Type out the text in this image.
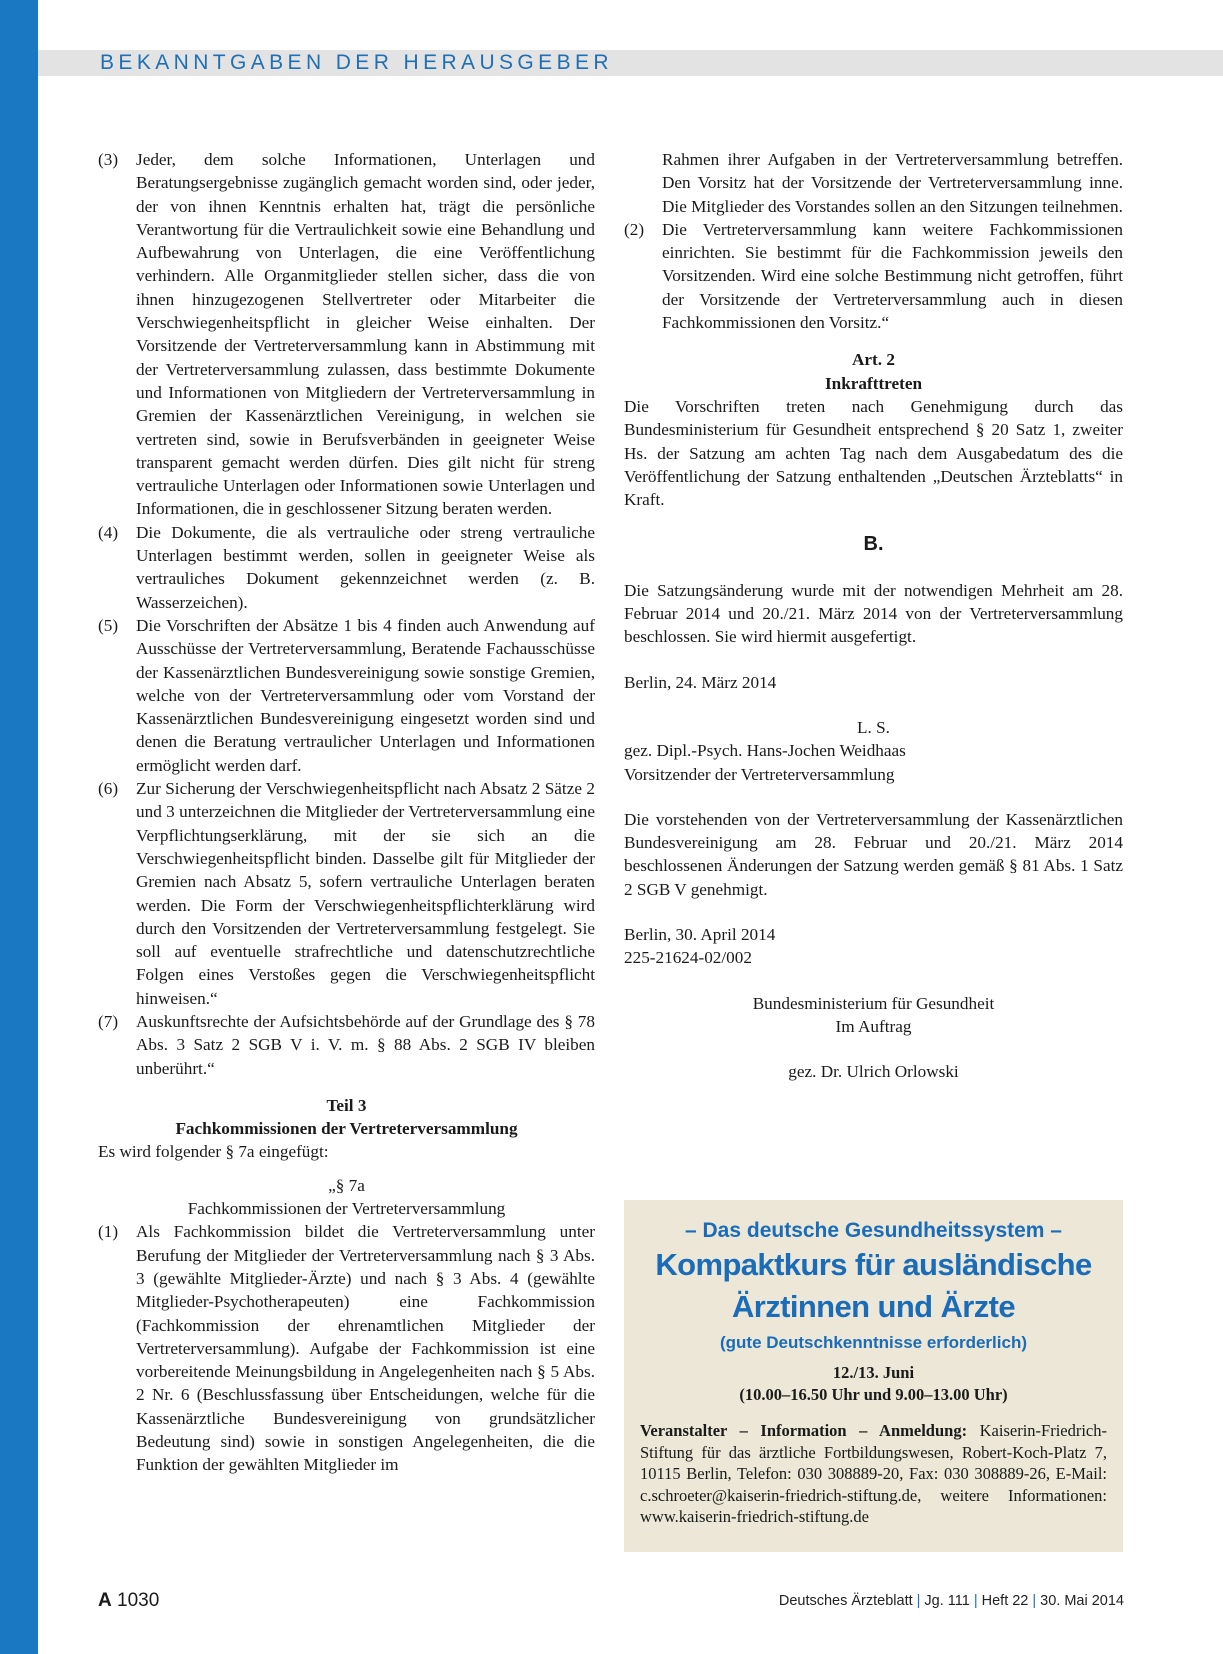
BEKANNTGABEN DER HERAUSGEBER
(3)	Jeder, dem solche Informationen, Unterlagen und Beratungsergebnisse zugänglich gemacht worden sind, oder jeder, der von ihnen Kenntnis erhalten hat, trägt die persönliche Verantwortung für die Vertraulichkeit sowie eine Behandlung und Aufbewahrung von Unterlagen, die eine Veröffentlichung verhindern. Alle Organmitglieder stellen sicher, dass die von ihnen hinzugezogenen Stellvertreter oder Mitarbeiter die Verschwiegenheitspflicht in gleicher Weise einhalten. Der Vorsitzende der Vertreterversammlung kann in Abstimmung mit der Vertreterversammlung zulassen, dass bestimmte Dokumente und Informationen von Mitgliedern der Vertreterversammlung in Gremien der Kassenärztlichen Vereinigung, in welchen sie vertreten sind, sowie in Berufsverbänden in geeigneter Weise transparent gemacht werden dürfen. Dies gilt nicht für streng vertrauliche Unterlagen oder Informationen sowie Unterlagen und Informationen, die in geschlossener Sitzung beraten werden.
(4)	Die Dokumente, die als vertrauliche oder streng vertrauliche Unterlagen bestimmt werden, sollen in geeigneter Weise als vertrauliches Dokument gekennzeichnet werden (z. B. Wasserzeichen).
(5)	Die Vorschriften der Absätze 1 bis 4 finden auch Anwendung auf Ausschüsse der Vertreterversammlung, Beratende Fachausschüsse der Kassenärztlichen Bundesvereinigung sowie sonstige Gremien, welche von der Vertreterversammlung oder vom Vorstand der Kassenärztlichen Bundesvereinigung eingesetzt worden sind und denen die Beratung vertraulicher Unterlagen und Informationen ermöglicht werden darf.
(6)	Zur Sicherung der Verschwiegenheitspflicht nach Absatz 2 Sätze 2 und 3 unterzeichnen die Mitglieder der Vertreterversammlung eine Verpflichtungserklärung, mit der sie sich an die Verschwiegenheitspflicht binden. Dasselbe gilt für Mitglieder der Gremien nach Absatz 5, sofern vertrauliche Unterlagen beraten werden. Die Form der Verschwiegenheitspflichterklärung wird durch den Vorsitzenden der Vertreterversammlung festgelegt. Sie soll auf eventuelle strafrechtliche und datenschutzrechtliche Folgen eines Verstoßes gegen die Verschwiegenheitspflicht hinweisen.“
(7)	Auskunftsrechte der Aufsichtsbehörde auf der Grundlage des § 78 Abs. 3 Satz 2 SGB V i. V. m. § 88 Abs. 2 SGB IV bleiben unberührt.“
Teil 3
Fachkommissionen der Vertreterversammlung
Es wird folgender § 7a eingefügt:
„§ 7a
Fachkommissionen der Vertreterversammlung
(1)	Als Fachkommission bildet die Vertreterversammlung unter Berufung der Mitglieder der Vertreterversammlung nach § 3 Abs. 3 (gewählte Mitglieder-Ärzte) und nach § 3 Abs. 4 (gewählte Mitglieder-Psychotherapeuten) eine Fachkommission (Fachkommission der ehrenamtlichen Mitglieder der Vertreterversammlung). Aufgabe der Fachkommission ist eine vorbereitende Meinungsbildung in Angelegenheiten nach § 5 Abs. 2 Nr. 6 (Beschlussfassung über Entscheidungen, welche für die Kassenärztliche Bundesvereinigung von grundsätzlicher Bedeutung sind) sowie in sonstigen Angelegenheiten, die die Funktion der gewählten Mitglieder im
Rahmen ihrer Aufgaben in der Vertreterversammlung betreffen. Den Vorsitz hat der Vorsitzende der Vertreterversammlung inne. Die Mitglieder des Vorstandes sollen an den Sitzungen teilnehmen.
(2)	Die Vertreterversammlung kann weitere Fachkommissionen einrichten. Sie bestimmt für die Fachkommission jeweils den Vorsitzenden. Wird eine solche Bestimmung nicht getroffen, führt der Vorsitzende der Vertreterversammlung auch in diesen Fachkommissionen den Vorsitz.“
Art. 2
Inkrafttreten
Die Vorschriften treten nach Genehmigung durch das Bundesministerium für Gesundheit entsprechend § 20 Satz 1, zweiter Hs. der Satzung am achten Tag nach dem Ausgabedatum des die Veröffentlichung der Satzung enthaltenden „Deutschen Ärzteblatts“ in Kraft.
B.
Die Satzungsänderung wurde mit der notwendigen Mehrheit am 28. Februar 2014 und 20./21. März 2014 von der Vertreterversammlung beschlossen. Sie wird hiermit ausgefertigt.
Berlin, 24. März 2014
L. S.
gez. Dipl.-Psych. Hans-Jochen Weidhaas
Vorsitzender der Vertreterversammlung
Die vorstehenden von der Vertreterversammlung der Kassenärztlichen Bundesvereinigung am 28. Februar und 20./21. März 2014 beschlossenen Änderungen der Satzung werden gemäß § 81 Abs. 1 Satz 2 SGB V genehmigt.
Berlin, 30. April 2014
225-21624-02/002
Bundesministerium für Gesundheit
Im Auftrag
gez. Dr. Ulrich Orlowski
– Das deutsche Gesundheitssystem –
Kompaktkurs für ausländische
Ärztinnen und Ärzte
(gute Deutschkenntnisse erforderlich)
12./13. Juni
(10.00–16.50 Uhr und 9.00–13.00 Uhr)
Veranstalter – Information – Anmeldung: Kaiserin-Friedrich-Stiftung für das ärztliche Fortbildungswesen, Robert-Koch-Platz 7, 10115 Berlin, Telefon: 030 308889-20, Fax: 030 308889-26, E-Mail: c.schroeter@kaiserin-friedrich-stiftung.de, weitere Informationen: www.kaiserin-friedrich-stiftung.de
A 1030	Deutsches Ärzteblatt | Jg. 111 | Heft 22 | 30. Mai 2014
